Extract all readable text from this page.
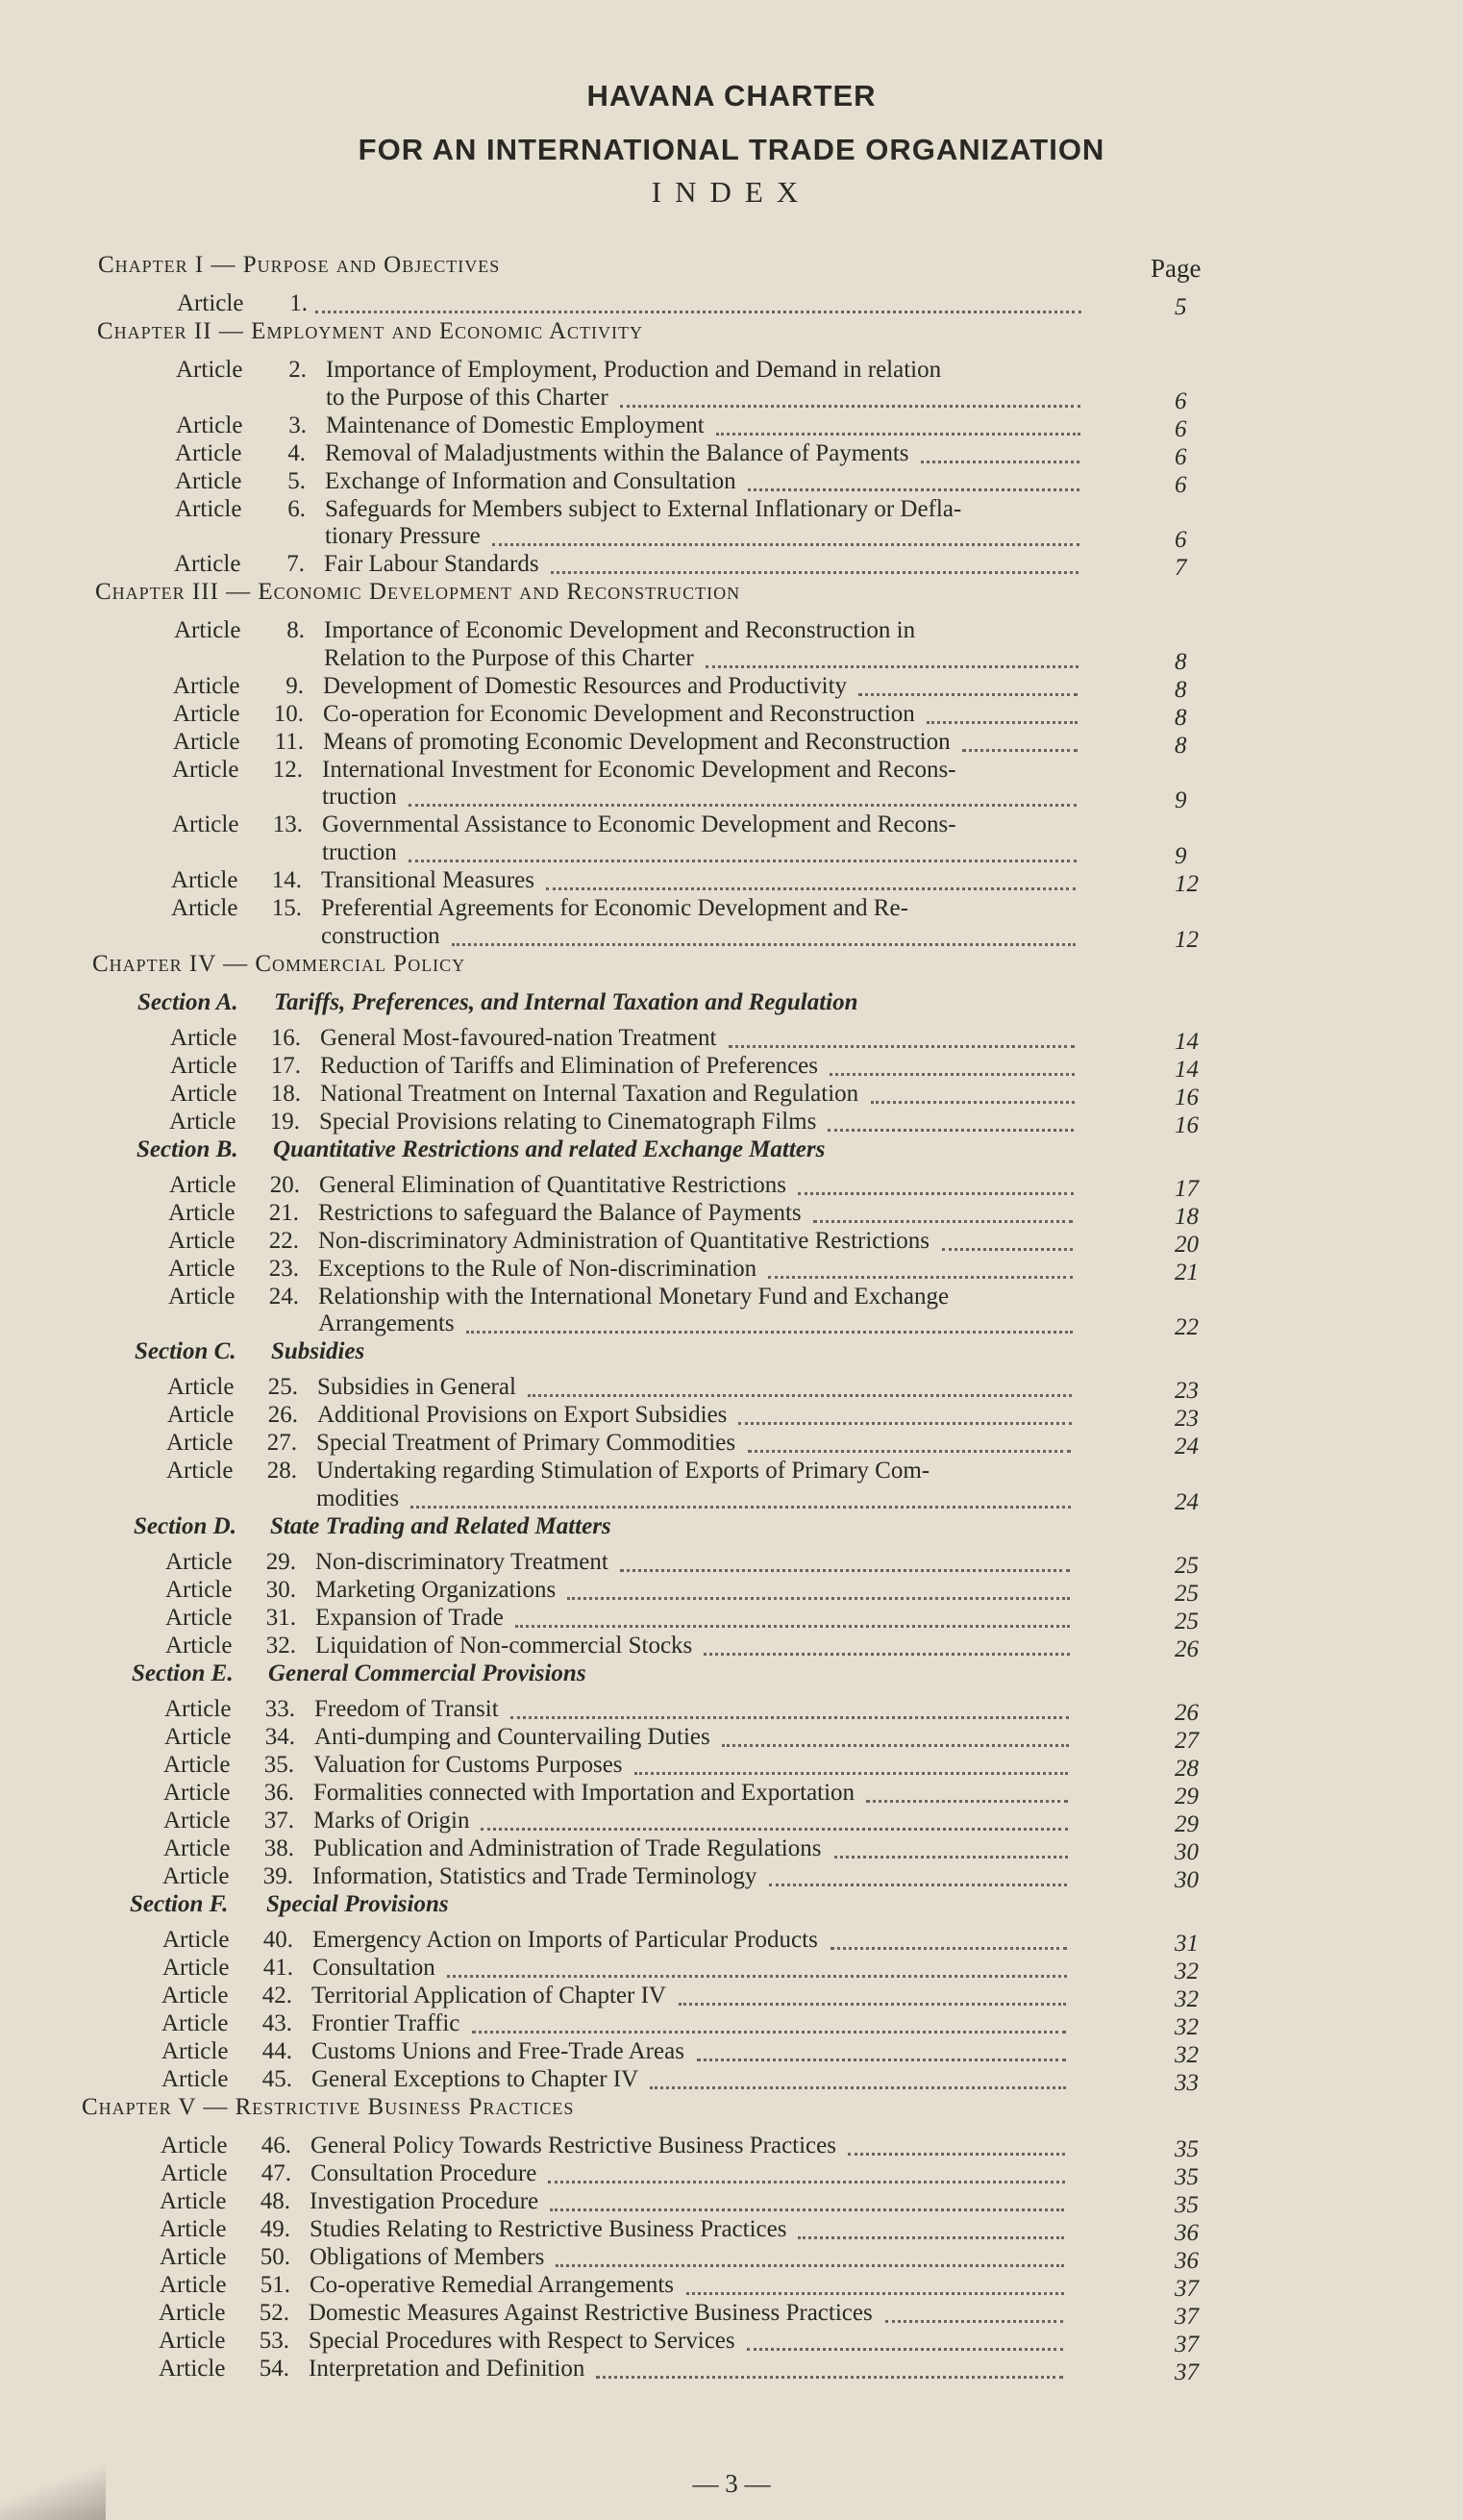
HAVANA CHARTER
FOR AN INTERNATIONAL TRADE ORGANIZATION
INDEX
Page
Chapter I — Purpose and Objectives
Article	1.	5
Chapter II — Employment and Economic Activity
Article	2. Importance of Employment, Production and Demand in relation
to the Purpose of this Charter	6
Article	3. Maintenance of Domestic Employment	6
Article	4. Removal of Maladjustments within the Balance of Payments	6
Article	5. Exchange of Information and Consultation	6
Article	6. Safeguards for Members subject to External Inflationary or Defla-
tionary Pressure	6
Article	7. Fair Labour Standards	7
Chapter III — Economic Development and Reconstruction
Article	8. Importance of Economic Development and Reconstruction in
Relation to the Purpose of this Charter	8
Article	9. Development of Domestic Resources and Productivity	8
Article 10. Co-operation for Economic Development and Reconstruction	8
Article 11. Means of promoting Economic Development and Reconstruction	8
Article 12. International Investment for Economic Development and Recons-
truction	9
Article 13. Governmental Assistance to Economic Development and Recons-
truction	9
Article 14. Transitional Measures	12
Article 15. Preferential Agreements for Economic Development and Re-
construction	12
Chapter IV — Commercial Policy
Section A. Tariffs, Preferences, and Internal Taxation and Regulation
Article 16. General Most-favoured-nation Treatment	14
Article 17. Reduction of Tariffs and Elimination of Preferences	14
Article 18. National Treatment on Internal Taxation and Regulation	16
Article 19. Special Provisions relating to Cinematograph Films	16
Section B. Quantitative Restrictions and related Exchange Matters
Article 20. General Elimination of Quantitative Restrictions	17
Article 21. Restrictions to safeguard the Balance of Payments	18
Article 22. Non-discriminatory Administration of Quantitative Restrictions	20
Article 23. Exceptions to the Rule of Non-discrimination	21
Article 24. Relationship with the International Monetary Fund and Exchange
Arrangements	22
Section C. Subsidies
Article 25. Subsidies in General	23
Article 26. Additional Provisions on Export Subsidies	23
Article 27. Special Treatment of Primary Commodities	24
Article 28. Undertaking regarding Stimulation of Exports of Primary Com-
modities	24
Section D. State Trading and Related Matters
Article 29. Non-discriminatory Treatment	25
Article 30. Marketing Organizations	25
Article 31. Expansion of Trade	25
Article 32. Liquidation of Non-commercial Stocks	26
Section E. General Commercial Provisions
Article 33. Freedom of Transit	26
Article 34. Anti-dumping and Countervailing Duties	27
Article 35. Valuation for Customs Purposes	28
Article 36. Formalities connected with Importation and Exportation	29
Article 37. Marks of Origin	29
Article 38. Publication and Administration of Trade Regulations	30
Article 39. Information, Statistics and Trade Terminology	30
Section F. Special Provisions
Article 40. Emergency Action on Imports of Particular Products	31
Article 41. Consultation	32
Article 42. Territorial Application of Chapter IV	32
Article 43. Frontier Traffic	32
Article 44. Customs Unions and Free-Trade Areas	32
Article 45. General Exceptions to Chapter IV	33
Chapter V — Restrictive Business Practices
Article 46. General Policy Towards Restrictive Business Practices	35
Article 47. Consultation Procedure	35
Article 48. Investigation Procedure	35
Article 49. Studies Relating to Restrictive Business Practices	36
Article 50. Obligations of Members	36
Article 51. Co-operative Remedial Arrangements	37
Article 52. Domestic Measures Against Restrictive Business Practices	37
Article 53. Special Procedures with Respect to Services	37
Article 54. Interpretation and Definition	37
— 3 —
